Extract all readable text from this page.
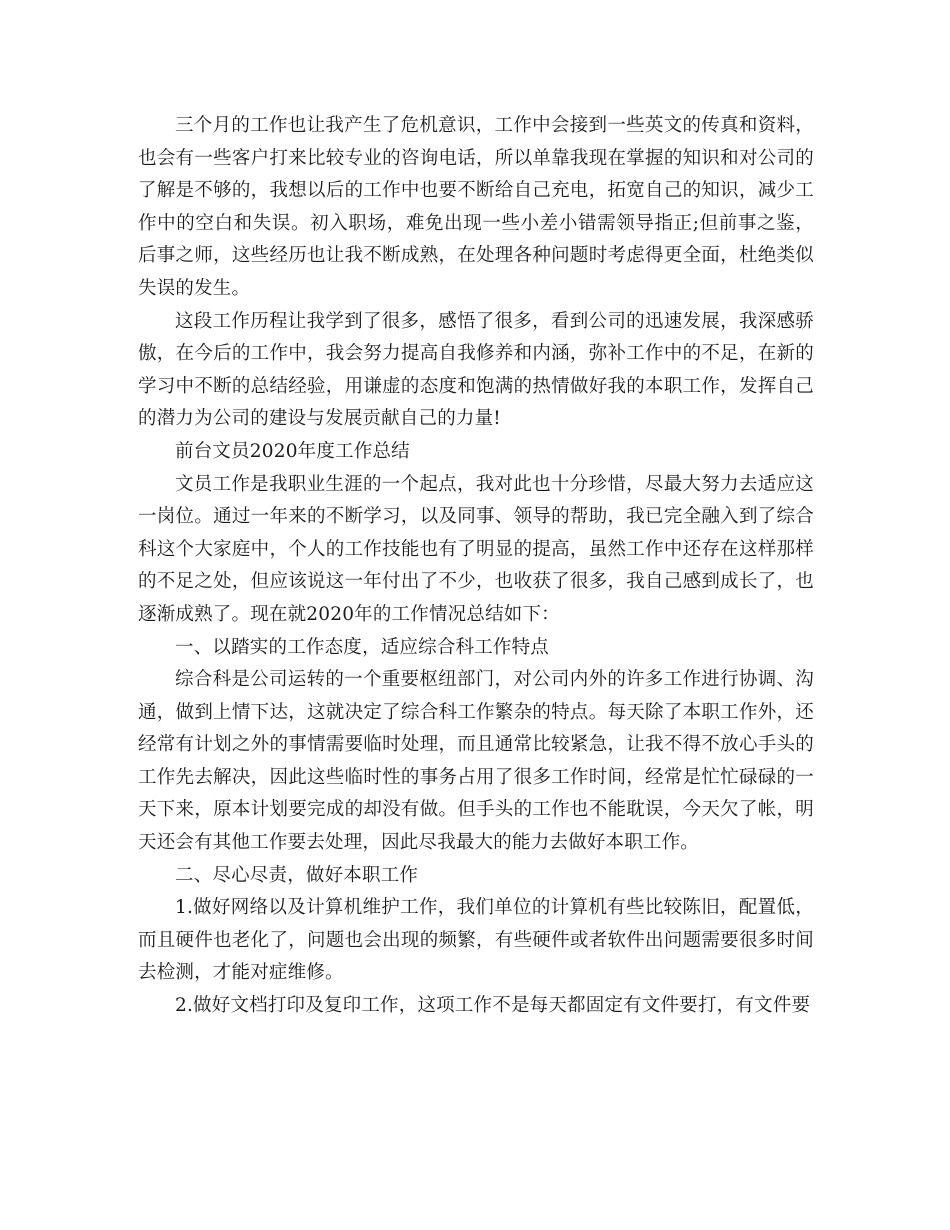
三个月的工作也让我产生了危机意识，工作中会接到一些英文的传真和资料，也会有一些客户打来比较专业的咨询电话，所以单靠我现在掌握的知识和对公司的了解是不够的，我想以后的工作中也要不断给自己充电，拓宽自己的知识，减少工作中的空白和失误。初入职场，难免出现一些小差小错需领导指正;但前事之鉴，后事之师，这些经历也让我不断成熟，在处理各种问题时考虑得更全面，杜绝类似失误的发生。

这段工作历程让我学到了很多，感悟了很多，看到公司的迅速发展，我深感骄傲，在今后的工作中，我会努力提高自我修养和内涵，弥补工作中的不足，在新的学习中不断的总结经验，用谦虚的态度和饱满的热情做好我的本职工作，发挥自己的潜力为公司的建设与发展贡献自己的力量!

前台文员2020年度工作总结

文员工作是我职业生涯的一个起点，我对此也十分珍惜，尽最大努力去适应这一岗位。通过一年来的不断学习，以及同事、领导的帮助，我已完全融入到了综合科这个大家庭中，个人的工作技能也有了明显的提高，虽然工作中还存在这样那样的不足之处，但应该说这一年付出了不少，也收获了很多，我自己感到成长了，也逐渐成熟了。现在就2020年的工作情况总结如下：

一、以踏实的工作态度，适应综合科工作特点

综合科是公司运转的一个重要枢纽部门，对公司内外的许多工作进行协调、沟通，做到上情下达，这就决定了综合科工作繁杂的特点。每天除了本职工作外，还经常有计划之外的事情需要临时处理，而且通常比较紧急，让我不得不放心手头的工作先去解决，因此这些临时性的事务占用了很多工作时间，经常是忙忙碌碌的一天下来，原本计划要完成的却没有做。但手头的工作也不能耽误，今天欠了帐，明天还会有其他工作要去处理，因此尽我最大的能力去做好本职工作。

二、尽心尽责，做好本职工作

1.做好网络以及计算机维护工作，我们单位的计算机有些比较陈旧，配置低，而且硬件也老化了，问题也会出现的频繁，有些硬件或者软件出问题需要很多时间去检测，才能对症维修。

2.做好文档打印及复印工作，这项工作不是每天都固定有文件要打，有文件要
